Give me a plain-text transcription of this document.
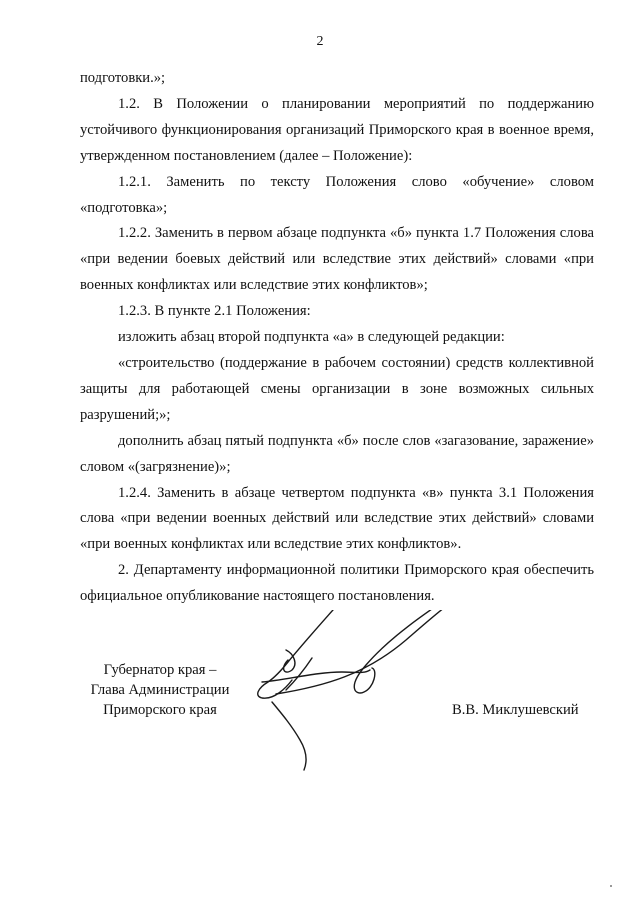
2

подготовки.»;

1.2. В Положении о планировании мероприятий по поддержанию устойчивого функционирования организаций Приморского края в военное время, утвержденном постановлением (далее – Положение):

1.2.1. Заменить по тексту Положения слово «обучение» словом «подготовка»;

1.2.2. Заменить в первом абзаце подпункта «б» пункта 1.7 Положения слова «при ведении боевых действий или вследствие этих действий» словами «при военных конфликтах или вследствие этих конфликтов»;

1.2.3. В пункте 2.1 Положения:

изложить абзац второй подпункта «а» в следующей редакции:

«строительство (поддержание в рабочем состоянии) средств коллективной защиты для работающей смены организации в зоне возможных сильных разрушений;»;

дополнить абзац пятый подпункта «б» после слов «загазование, заражение» словом «(загрязнение)»;

1.2.4. Заменить в абзаце четвертом подпункта «в» пункта 3.1 Положения слова «при ведении военных действий или вследствие этих действий» словами «при военных конфликтах или вследствие этих конфликтов».

2. Департаменту информационной политики Приморского края обеспечить официальное опубликование настоящего постановления.

Губернатор края –
Глава Администрации
Приморского края	В.В. Миклушевский
